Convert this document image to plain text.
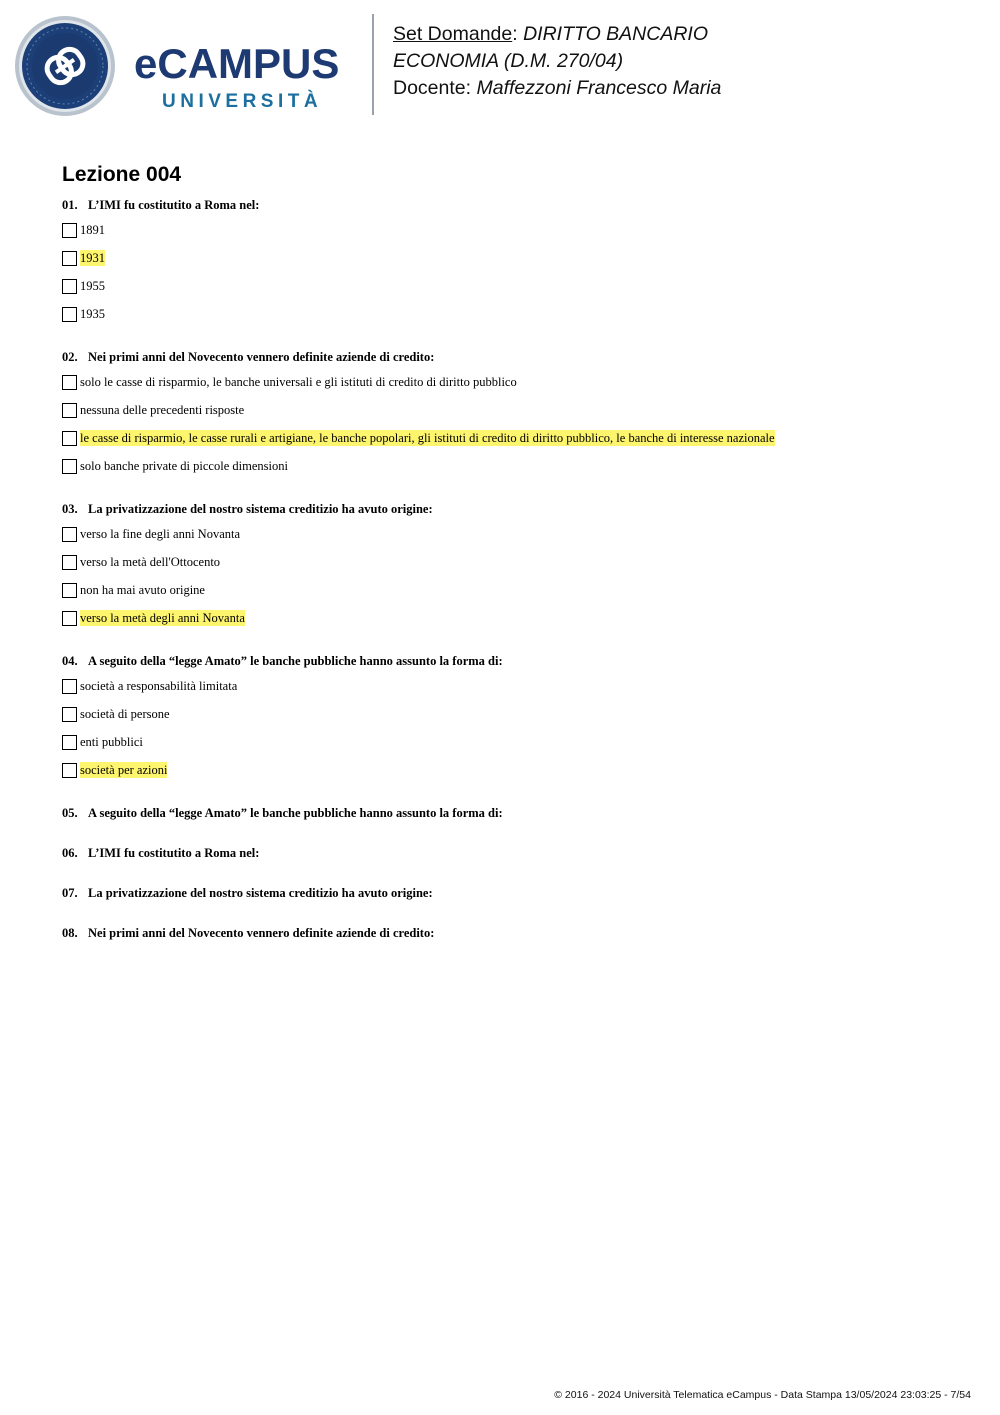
eCAMPUS
UNIVERSITÀ
Set Domande: DIRITTO BANCARIO
ECONOMIA (D.M. 270/04)
Docente: Maffezzoni Francesco Maria
Lezione 004
01. L’IMI fu costitutito a Roma nel:
1891
1931
1955
1935
02. Nei primi anni del Novecento vennero definite aziende di credito:
solo le casse di risparmio, le banche universali e gli istituti di credito di diritto pubblico
nessuna delle precedenti risposte
le casse di risparmio, le casse rurali e artigiane, le banche popolari, gli istituti di credito di diritto pubblico, le banche di interesse nazionale
solo banche private di piccole dimensioni
03. La privatizzazione del nostro sistema creditizio ha avuto origine:
verso la fine degli anni Novanta
verso la metà dell'Ottocento
non ha mai avuto origine
verso la metà degli anni Novanta
04. A seguito della “legge Amato” le banche pubbliche hanno assunto la forma di:
società a responsabilità limitata
società di persone
enti pubblici
società per azioni
05. A seguito della “legge Amato” le banche pubbliche hanno assunto la forma di:
06. L’IMI fu costitutito a Roma nel:
07. La privatizzazione del nostro sistema creditizio ha avuto origine:
08. Nei primi anni del Novecento vennero definite aziende di credito:
© 2016 - 2024 Università Telematica eCampus - Data Stampa 13/05/2024 23:03:25 - 7/54
